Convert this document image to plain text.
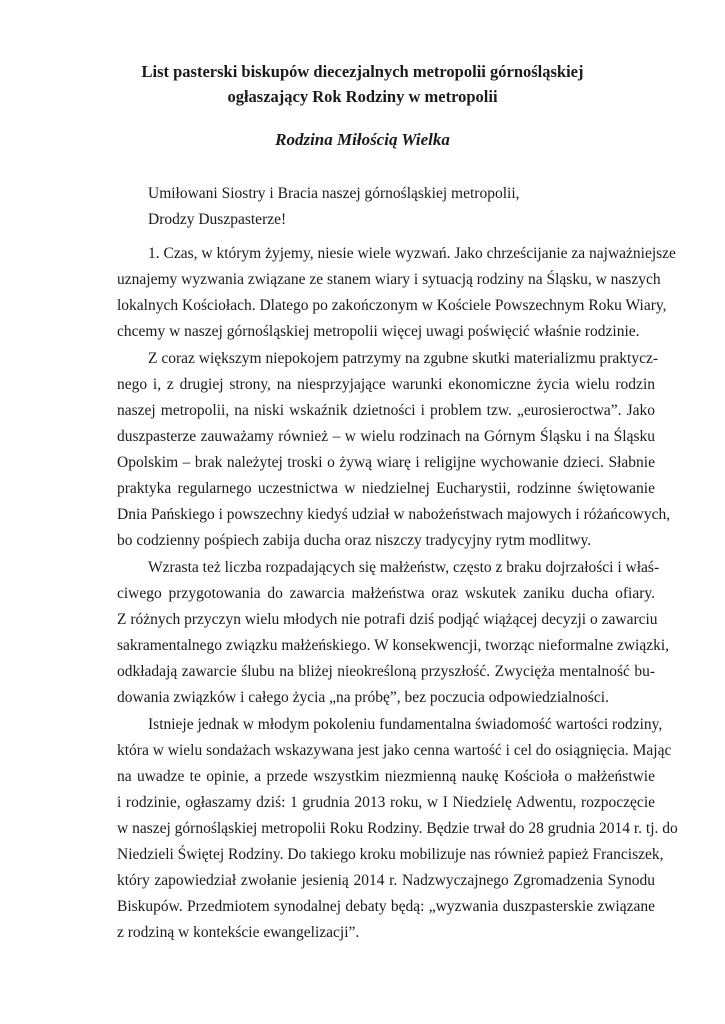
List pasterski biskupów diecezjalnych metropolii górnośląskiej
ogłaszający Rok Rodziny w metropolii
Rodzina Miłością Wielka
Umiłowani Siostry i Bracia naszej górnośląskiej metropolii,
Drodzy Duszpasterze!
1. Czas, w którym żyjemy, niesie wiele wyzwań. Jako chrześcijanie za najważniejsze
uznajemy wyzwania związane ze stanem wiary i sytuacją rodziny na Śląsku, w naszych
lokalnych Kościołach. Dlatego po zakończonym w Kościele Powszechnym Roku Wiary,
chcemy w naszej górnośląskiej metropolii więcej uwagi poświęcić właśnie rodzinie.
Z coraz większym niepokojem patrzymy na zgubne skutki materializmu praktycz-
nego i, z drugiej strony, na niesprzyjające warunki ekonomiczne życia wielu rodzin
naszej metropolii, na niski wskaźnik dzietności i problem tzw. „eurosieroctwa”. Jako
duszpasterze zauważamy również – w wielu rodzinach na Górnym Śląsku i na Śląsku
Opolskim – brak należytej troski o żywą wiarę i religijne wychowanie dzieci. Słabnie
praktyka regularnego uczestnictwa w niedzielnej Eucharystii, rodzinne świętowanie
Dnia Pańskiego i powszechny kiedyś udział w nabożeństwach majowych i różańcowych,
bo codzienny pośpiech zabija ducha oraz niszczy tradycyjny rytm modlitwy.
Wzrasta też liczba rozpadających się małżeństw, często z braku dojrzałości i właś-
ciwego przygotowania do zawarcia małżeństwa oraz wskutek zaniku ducha ofiary.
Z różnych przyczyn wielu młodych nie potrafi dziś podjąć wiążącej decyzji o zawarciu
sakramentalnego związku małżeńskiego. W konsekwencji, tworząc nieformalne związki,
odkładają zawarcie ślubu na bliżej nieokreśloną przyszłość. Zwycięża mentalność bu-
dowania związków i całego życia „na próbę”, bez poczucia odpowiedzialności.
Istnieje jednak w młodym pokoleniu fundamentalna świadomość wartości rodziny,
która w wielu sondażach wskazywana jest jako cenna wartość i cel do osiągnięcia. Mając
na uwadze te opinie, a przede wszystkim niezmienną naukę Kościoła o małżeństwie
i rodzinie, ogłaszamy dziś: 1 grudnia 2013 roku, w I Niedzielę Adwentu, rozpoczęcie
w naszej górnośląskiej metropolii Roku Rodziny. Będzie trwał do 28 grudnia 2014 r. tj. do
Niedzieli Świętej Rodziny. Do takiego kroku mobilizuje nas również papież Franciszek,
który zapowiedział zwołanie jesienią 2014 r. Nadzwyczajnego Zgromadzenia Synodu
Biskupów. Przedmiotem synodalnej debaty będą: „wyzwania duszpasterskie związane
z rodziną w kontekście ewangelizacji”.
